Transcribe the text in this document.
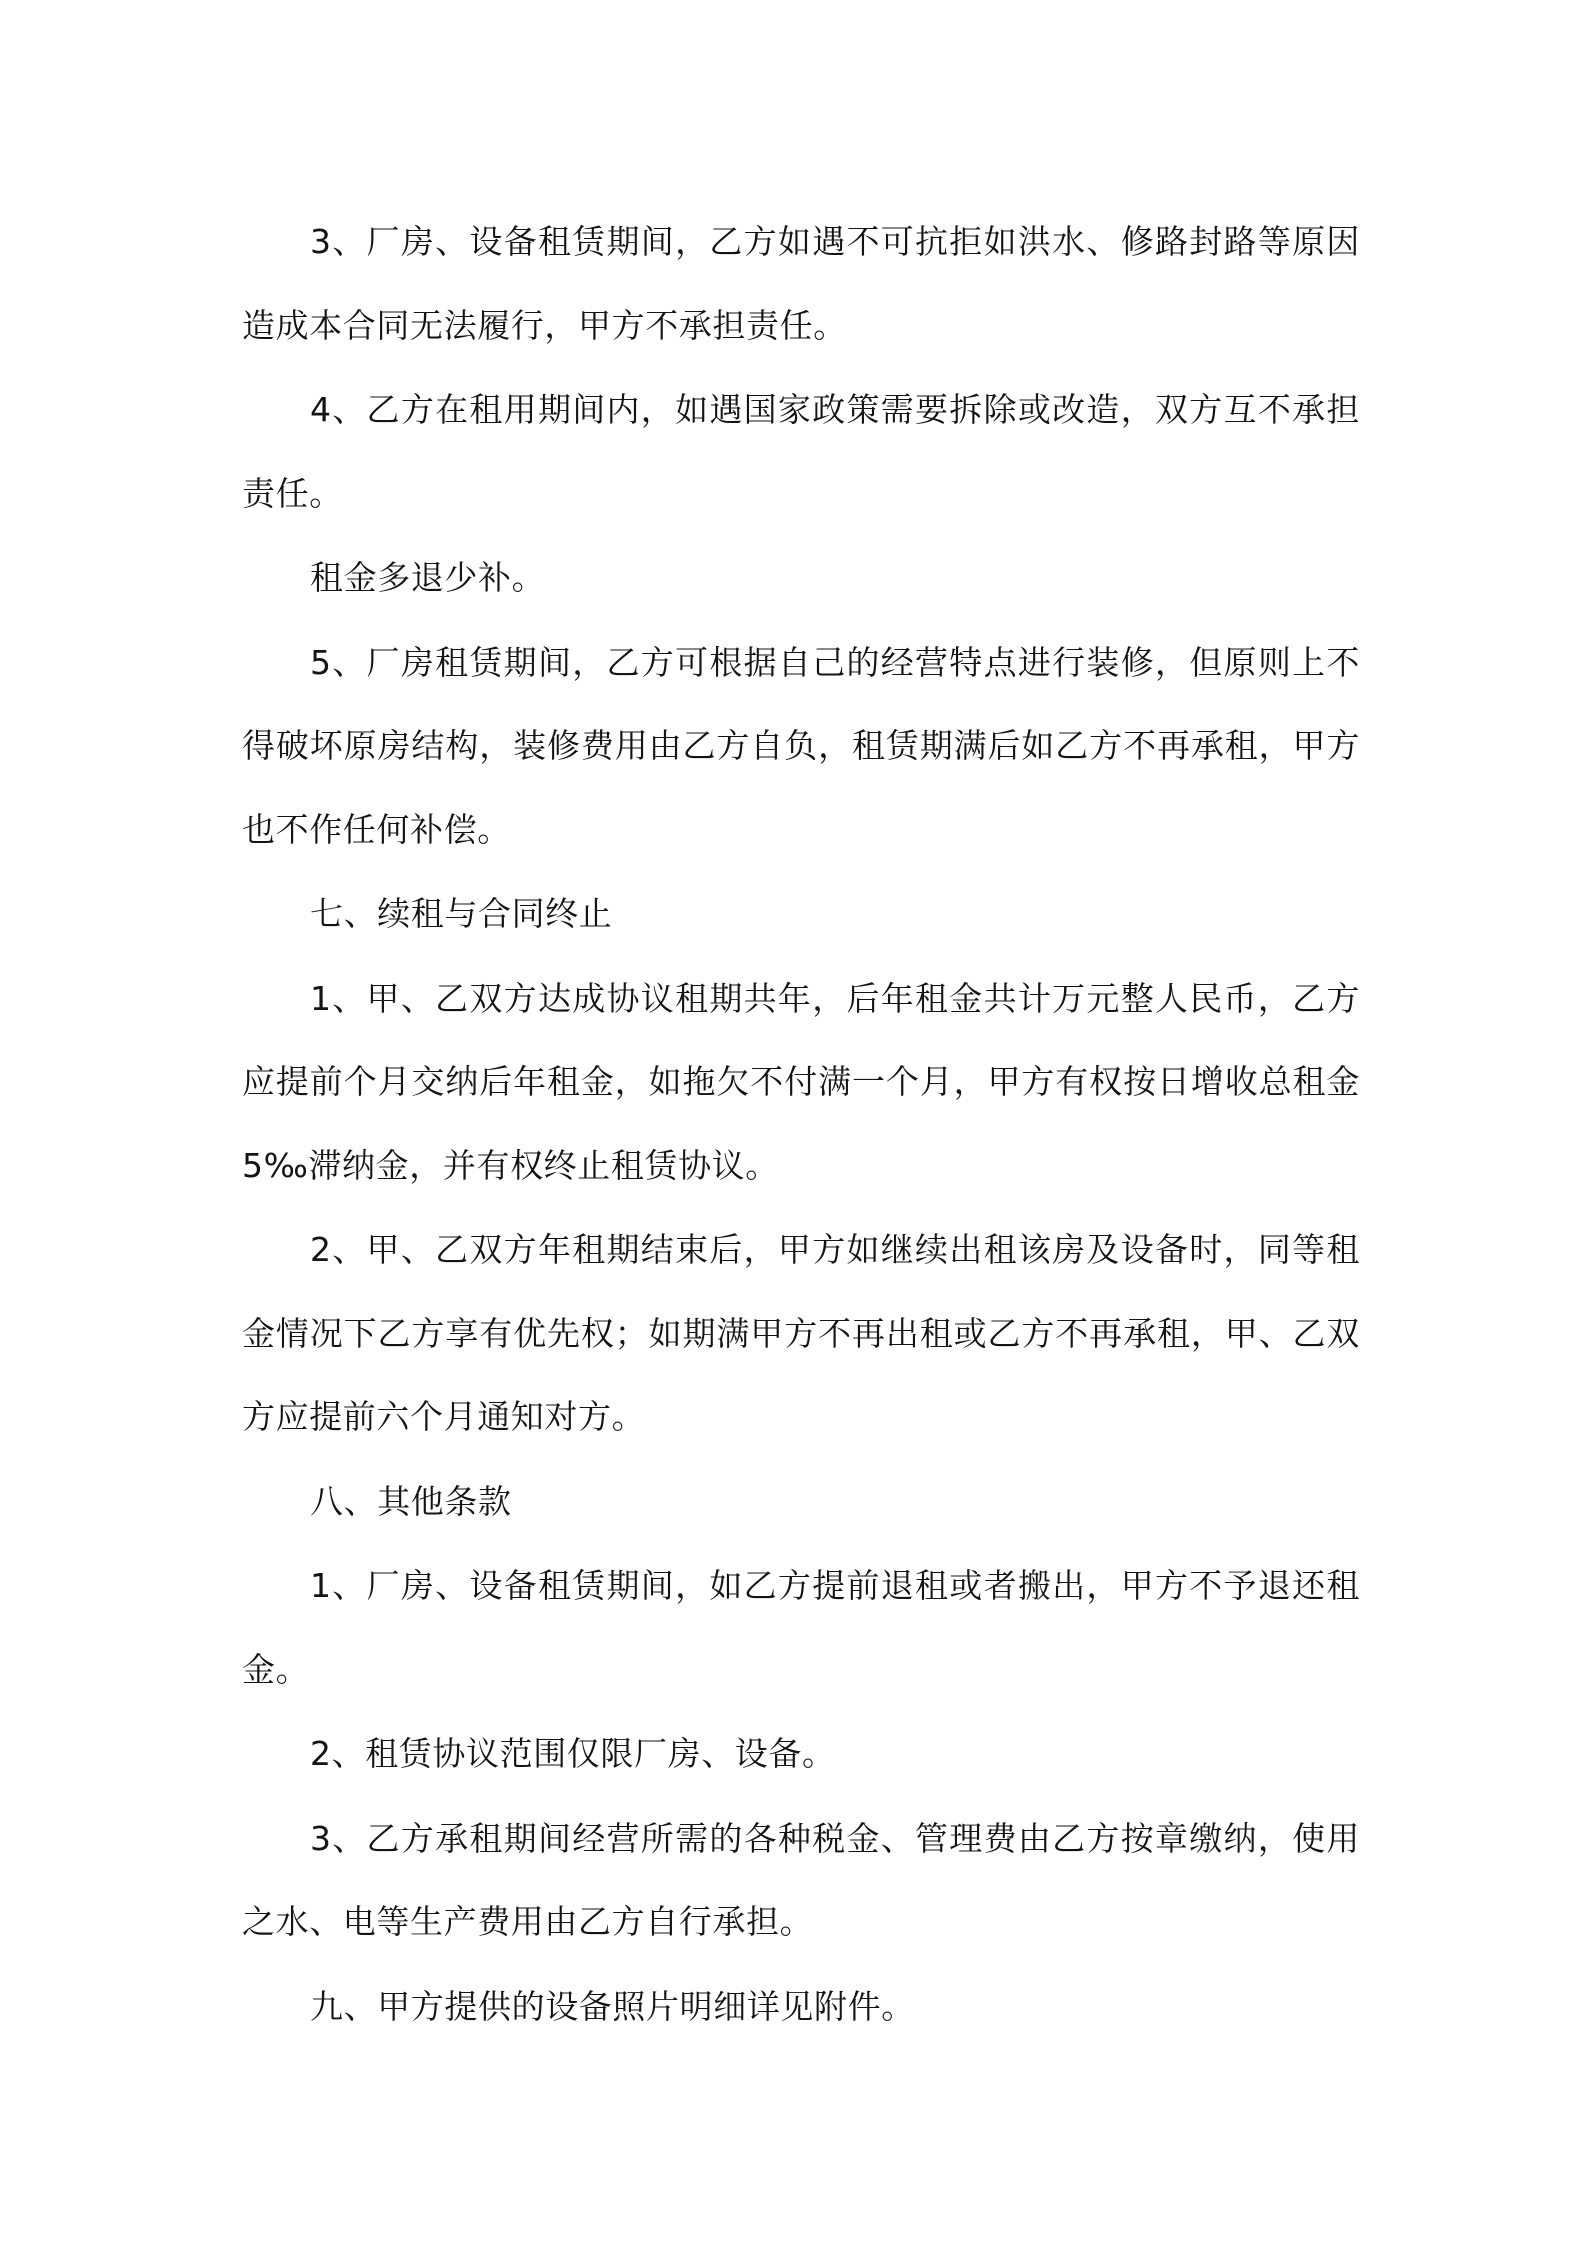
3、厂房、设备租赁期间，乙方如遇不可抗拒如洪水、修路封路等原因造成本合同无法履行，甲方不承担责任。

4、乙方在租用期间内，如遇国家政策需要拆除或改造，双方互不承担责任。

租金多退少补。

5、厂房租赁期间，乙方可根据自己的经营特点进行装修，但原则上不得破坏原房结构，装修费用由乙方自负，租赁期满后如乙方不再承租，甲方也不作任何补偿。

七、续租与合同终止

1、甲、乙双方达成协议租期共年，后年租金共计万元整人民币，乙方应提前个月交纳后年租金，如拖欠不付满一个月，甲方有权按日增收总租金 5‰滞纳金，并有权终止租赁协议。

2、甲、乙双方年租期结束后，甲方如继续出租该房及设备时，同等租金情况下乙方享有优先权；如期满甲方不再出租或乙方不再承租，甲、乙双方应提前六个月通知对方。

八、其他条款

1、厂房、设备租赁期间，如乙方提前退租或者搬出，甲方不予退还租金。

2、租赁协议范围仅限厂房、设备。

3、乙方承租期间经营所需的各种税金、管理费由乙方按章缴纳，使用之水、电等生产费用由乙方自行承担。

九、甲方提供的设备照片明细详见附件。
